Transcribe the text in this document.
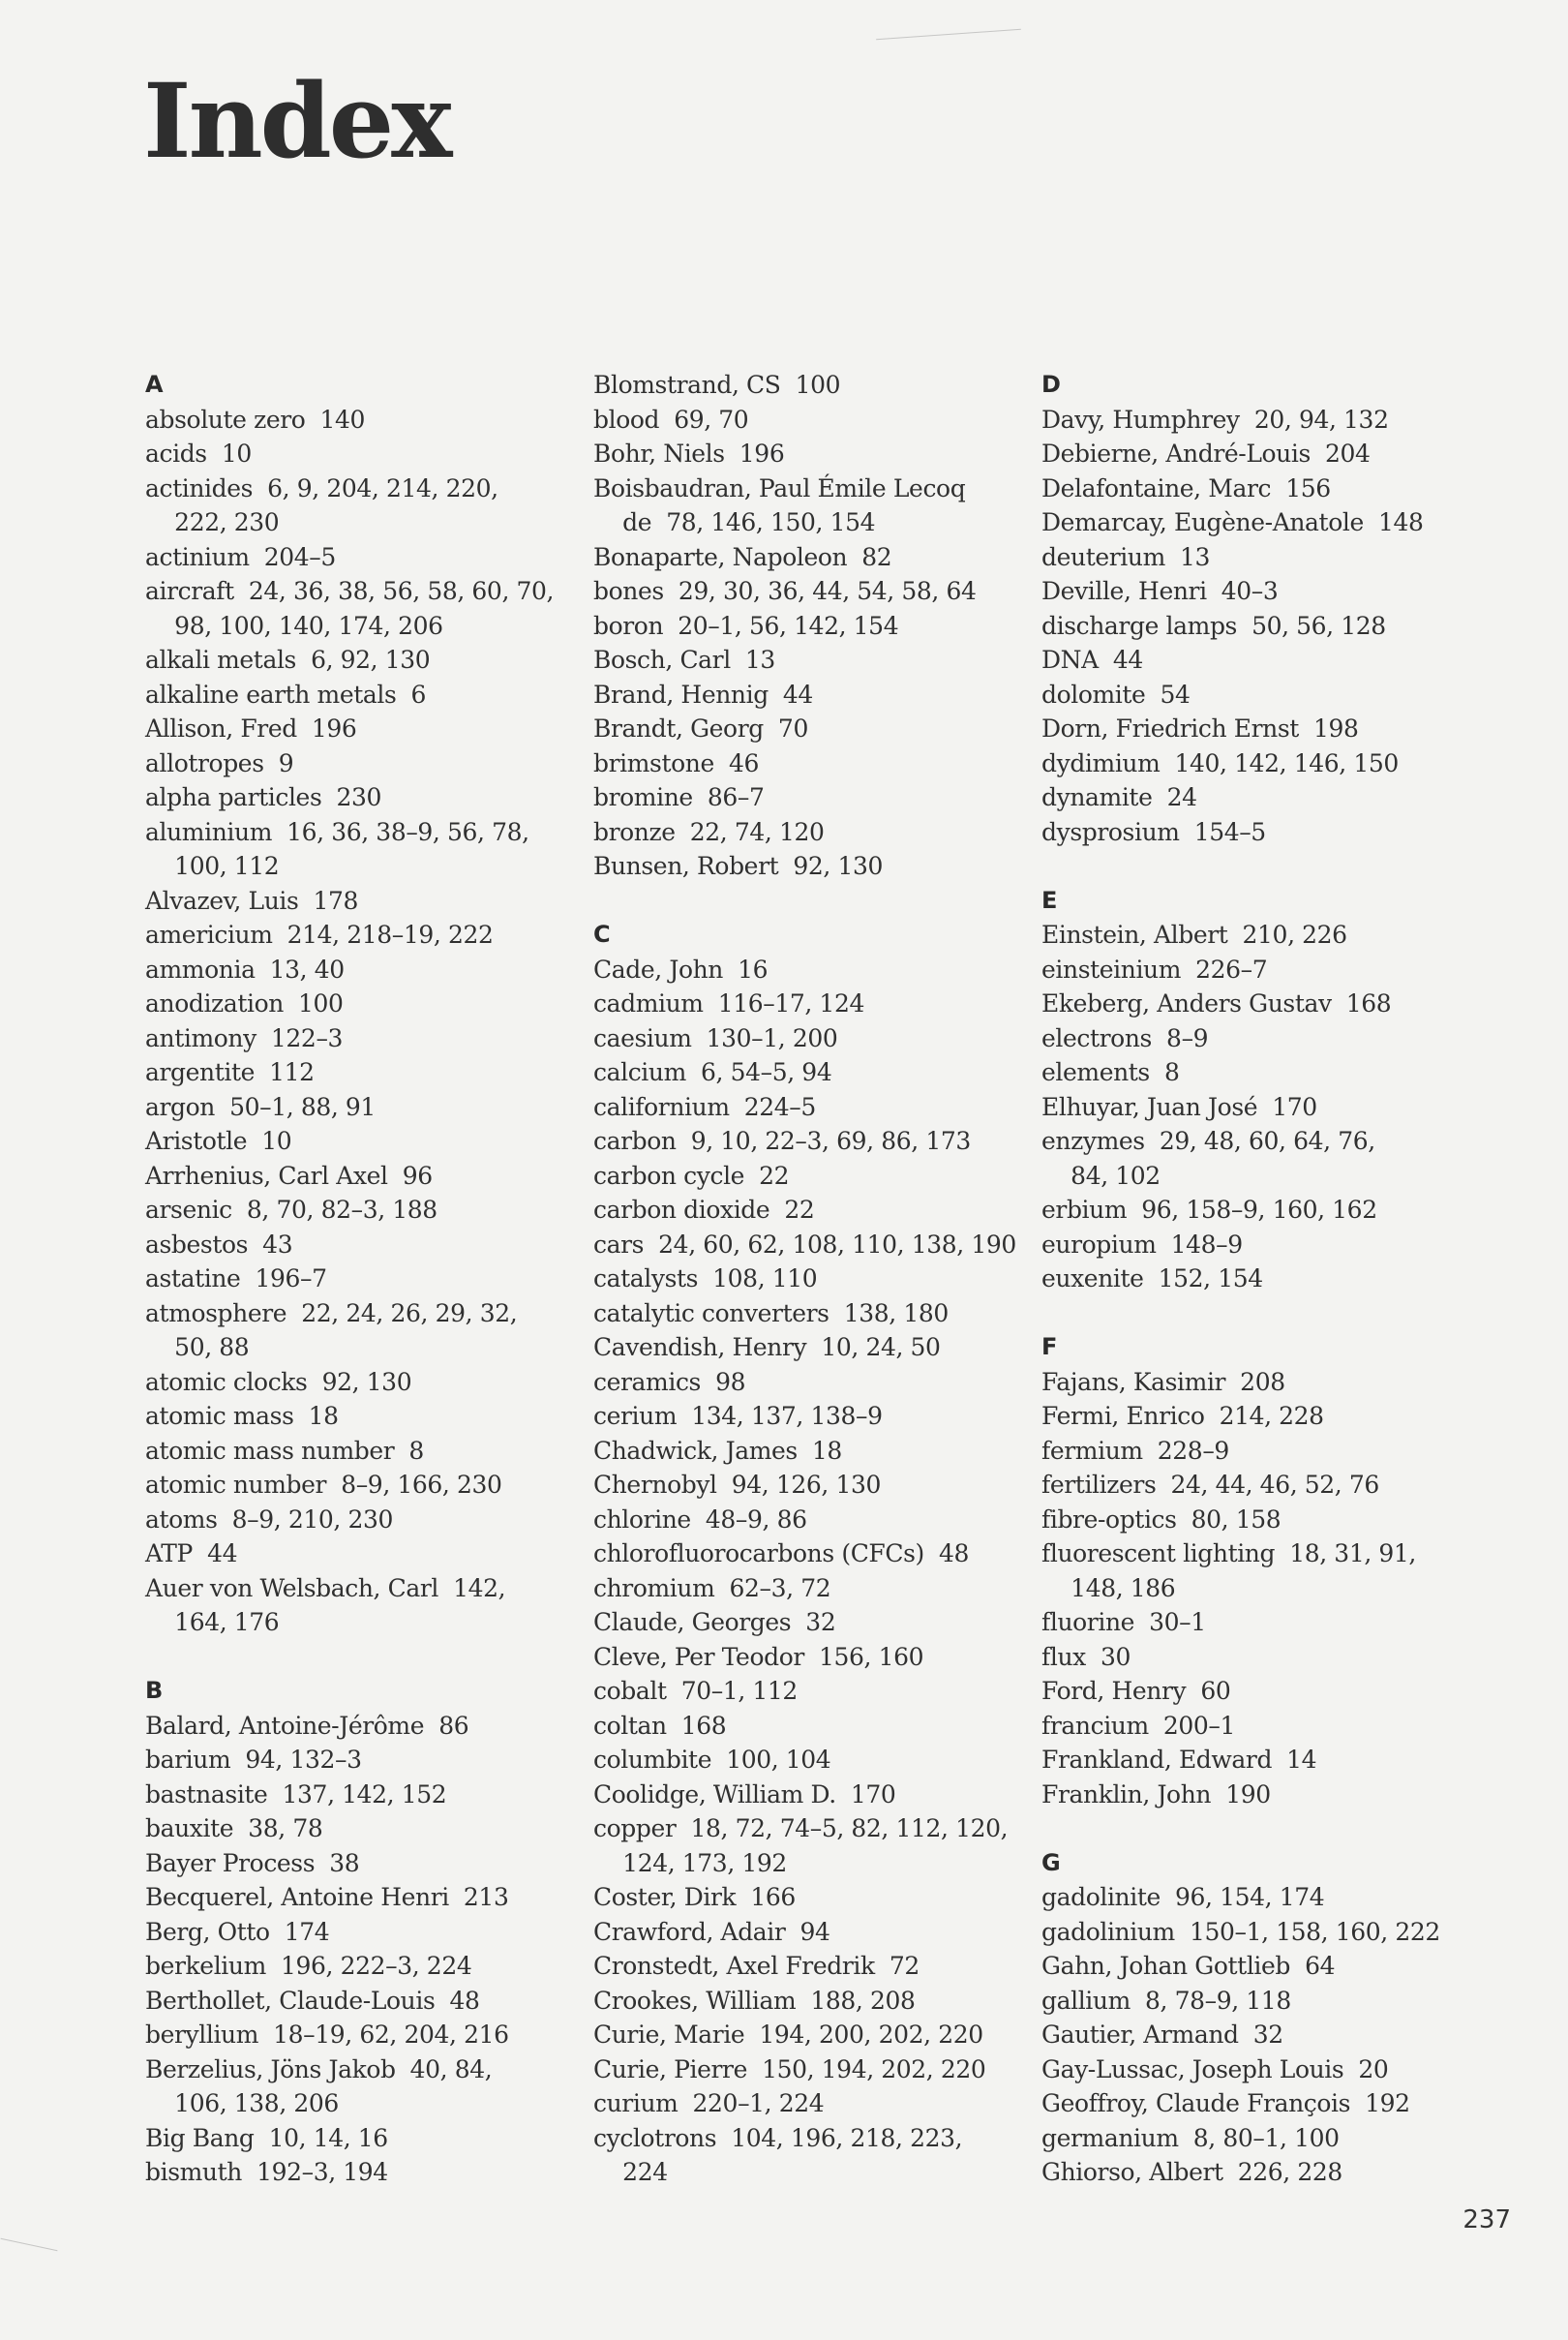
Index
A
absolute zero  140
acids  10
actinides  6, 9, 204, 214, 220,
222, 230
actinium  204–5
aircraft  24, 36, 38, 56, 58, 60, 70,
98, 100, 140, 174, 206
alkali metals  6, 92, 130
alkaline earth metals  6
Allison, Fred  196
allotropes  9
alpha particles  230
aluminium  16, 36, 38–9, 56, 78,
100, 112
Alvazev, Luis  178
americium  214, 218–19, 222
ammonia  13, 40
anodization  100
antimony  122–3
argentite  112
argon  50–1, 88, 91
Aristotle  10
Arrhenius, Carl Axel  96
arsenic  8, 70, 82–3, 188
asbestos  43
astatine  196–7
atmosphere  22, 24, 26, 29, 32,
50, 88
atomic clocks  92, 130
atomic mass  18
atomic mass number  8
atomic number  8–9, 166, 230
atoms  8–9, 210, 230
ATP  44
Auer von Welsbach, Carl  142,
164, 176
B
Balard, Antoine-Jérôme  86
barium  94, 132–3
bastnasite  137, 142, 152
bauxite  38, 78
Bayer Process  38
Becquerel, Antoine Henri  213
Berg, Otto  174
berkelium  196, 222–3, 224
Berthollet, Claude-Louis  48
beryllium  18–19, 62, 204, 216
Berzelius, Jöns Jakob  40, 84,
106, 138, 206
Big Bang  10, 14, 16
bismuth  192–3, 194
Blomstrand, CS  100
blood  69, 70
Bohr, Niels  196
Boisbaudran, Paul Émile Lecoq
de  78, 146, 150, 154
Bonaparte, Napoleon  82
bones  29, 30, 36, 44, 54, 58, 64
boron  20–1, 56, 142, 154
Bosch, Carl  13
Brand, Hennig  44
Brandt, Georg  70
brimstone  46
bromine  86–7
bronze  22, 74, 120
Bunsen, Robert  92, 130
C
Cade, John  16
cadmium  116–17, 124
caesium  130–1, 200
calcium  6, 54–5, 94
californium  224–5
carbon  9, 10, 22–3, 69, 86, 173
carbon cycle  22
carbon dioxide  22
cars  24, 60, 62, 108, 110, 138, 190
catalysts  108, 110
catalytic converters  138, 180
Cavendish, Henry  10, 24, 50
ceramics  98
cerium  134, 137, 138–9
Chadwick, James  18
Chernobyl  94, 126, 130
chlorine  48–9, 86
chlorofluorocarbons (CFCs)  48
chromium  62–3, 72
Claude, Georges  32
Cleve, Per Teodor  156, 160
cobalt  70–1, 112
coltan  168
columbite  100, 104
Coolidge, William D.  170
copper  18, 72, 74–5, 82, 112, 120,
124, 173, 192
Coster, Dirk  166
Crawford, Adair  94
Cronstedt, Axel Fredrik  72
Crookes, William  188, 208
Curie, Marie  194, 200, 202, 220
Curie, Pierre  150, 194, 202, 220
curium  220–1, 224
cyclotrons  104, 196, 218, 223,
224
D
Davy, Humphrey  20, 94, 132
Debierne, André-Louis  204
Delafontaine, Marc  156
Demarcay, Eugène-Anatole  148
deuterium  13
Deville, Henri  40–3
discharge lamps  50, 56, 128
DNA  44
dolomite  54
Dorn, Friedrich Ernst  198
dydimium  140, 142, 146, 150
dynamite  24
dysprosium  154–5
E
Einstein, Albert  210, 226
einsteinium  226–7
Ekeberg, Anders Gustav  168
electrons  8–9
elements  8
Elhuyar, Juan José  170
enzymes  29, 48, 60, 64, 76,
84, 102
erbium  96, 158–9, 160, 162
europium  148–9
euxenite  152, 154
F
Fajans, Kasimir  208
Fermi, Enrico  214, 228
fermium  228–9
fertilizers  24, 44, 46, 52, 76
fibre-optics  80, 158
fluorescent lighting  18, 31, 91,
148, 186
fluorine  30–1
flux  30
Ford, Henry  60
francium  200–1
Frankland, Edward  14
Franklin, John  190
G
gadolinite  96, 154, 174
gadolinium  150–1, 158, 160, 222
Gahn, Johan Gottlieb  64
gallium  8, 78–9, 118
Gautier, Armand  32
Gay-Lussac, Joseph Louis  20
Geoffroy, Claude François  192
germanium  8, 80–1, 100
Ghiorso, Albert  226, 228
237
